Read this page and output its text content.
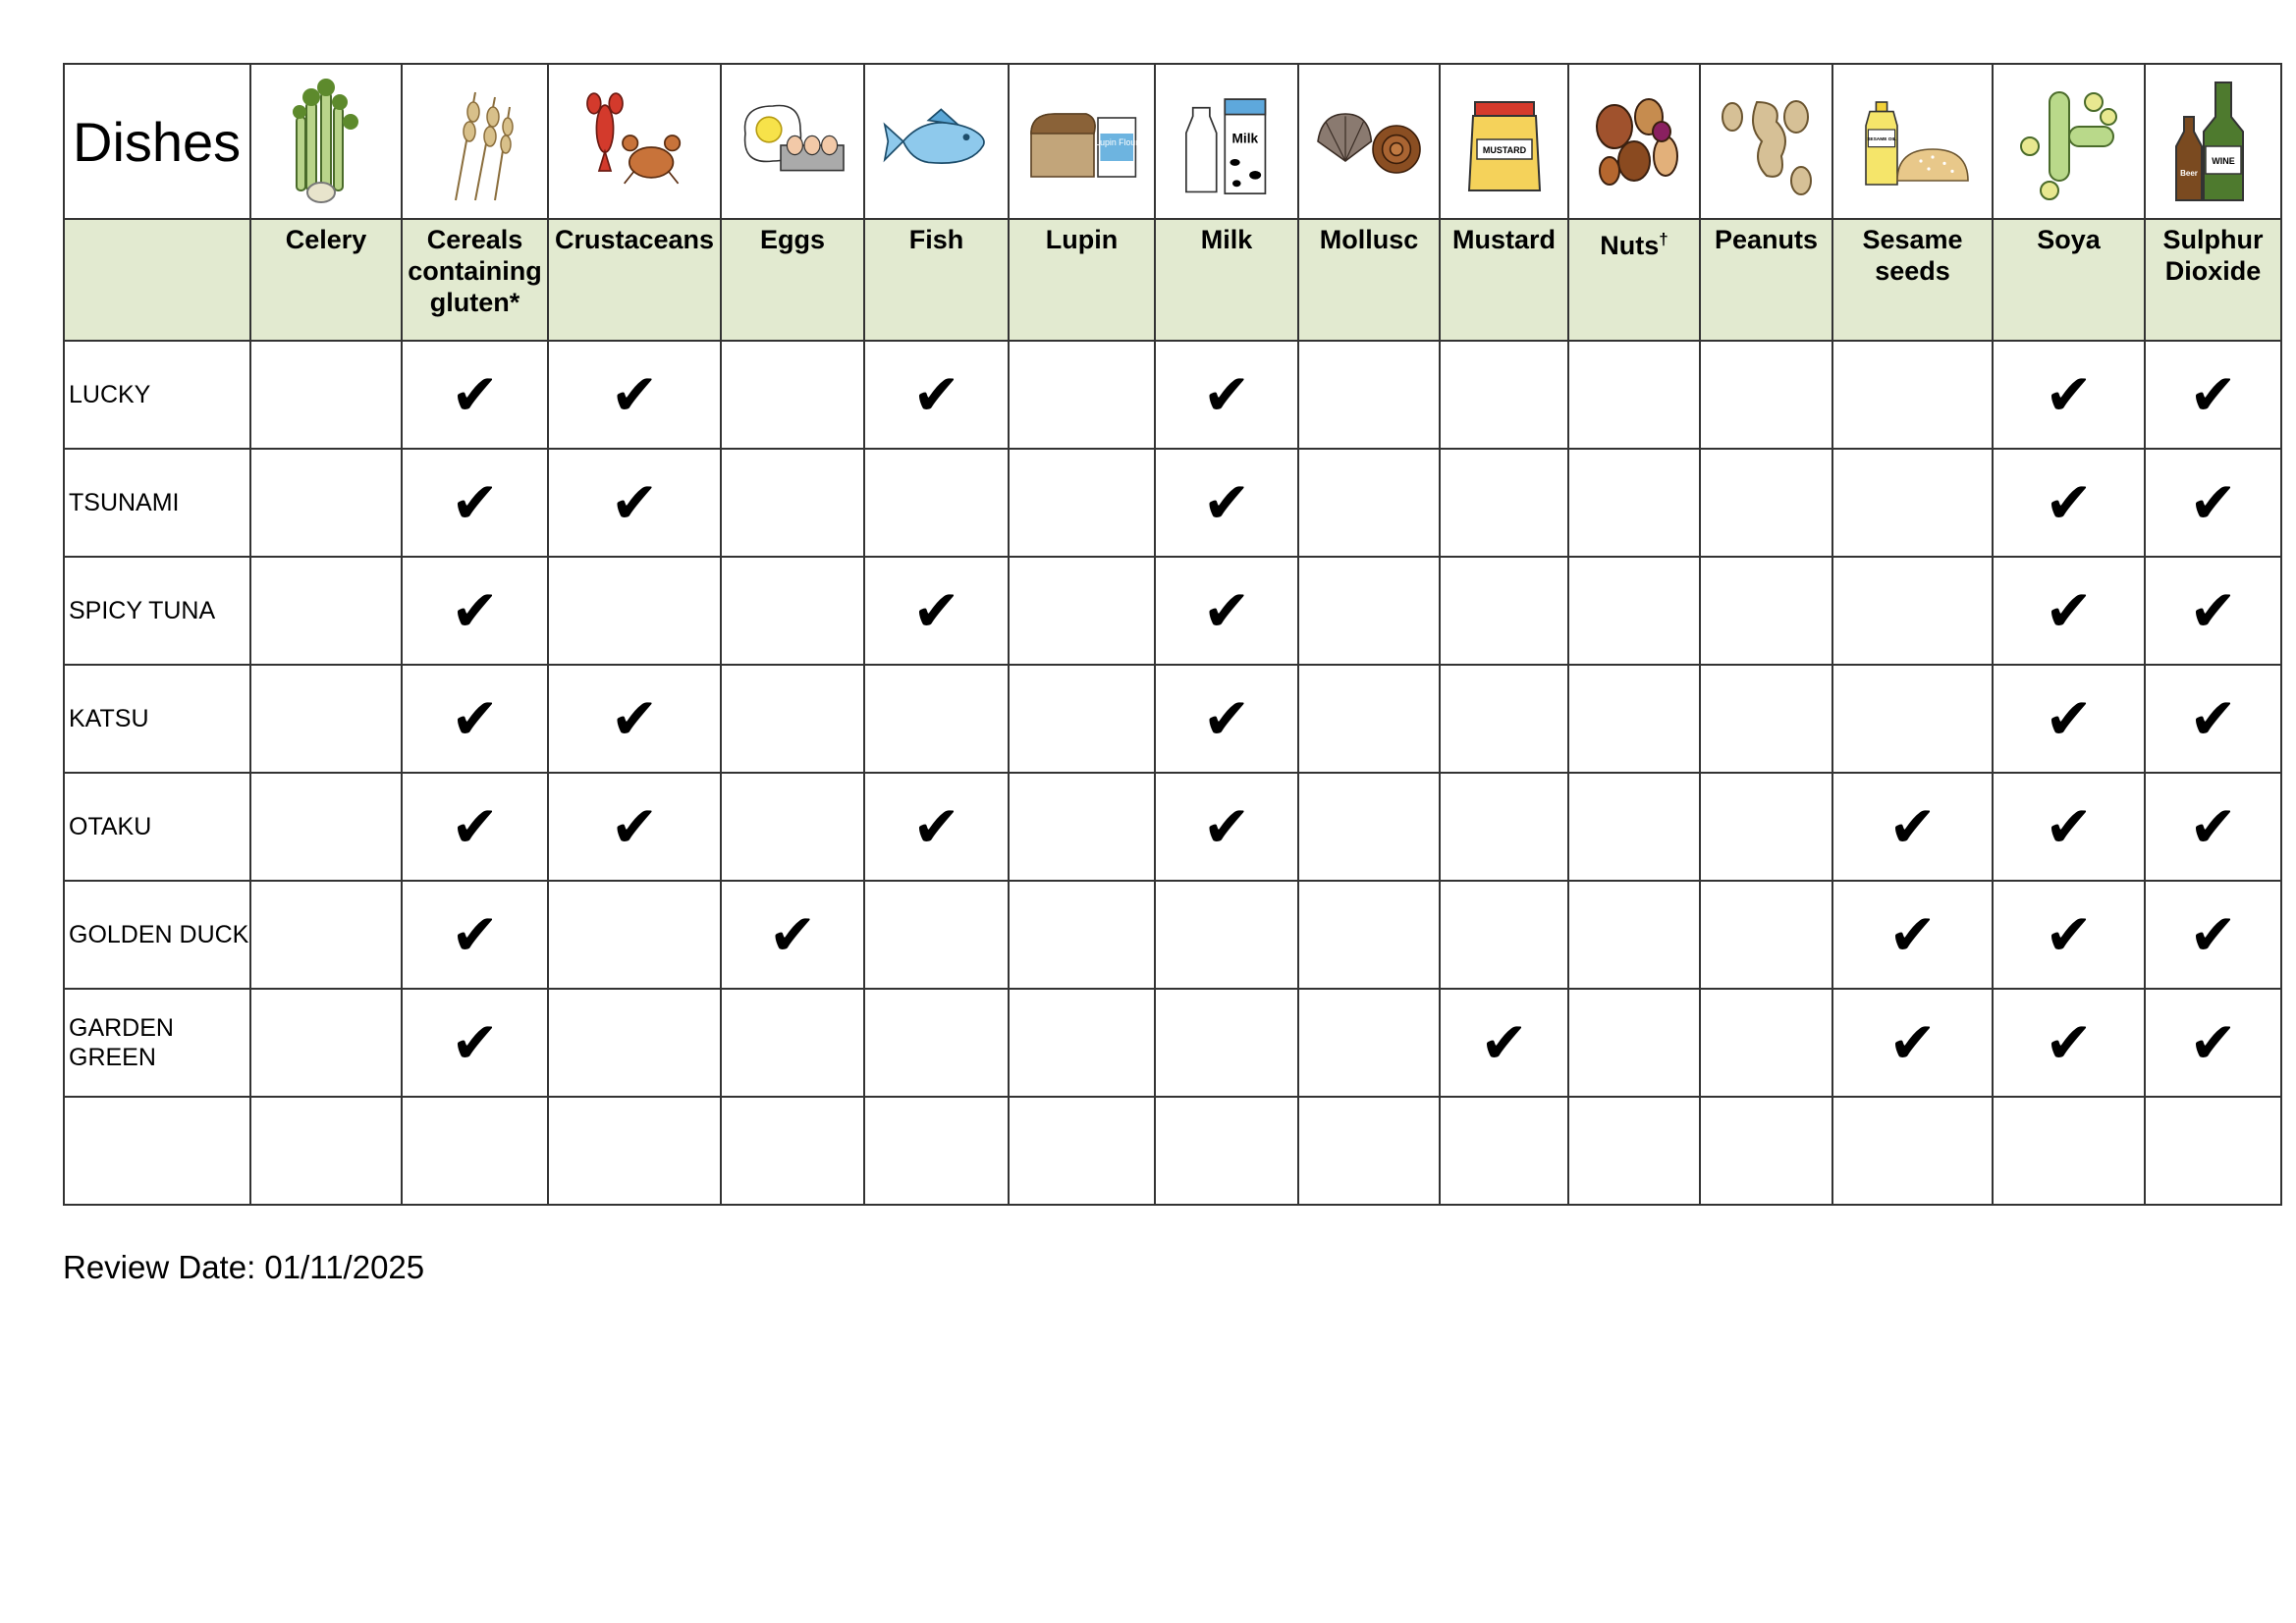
Dishes						Lupin Flour	Milk		MUSTARD			SESAME OIL		Beer
WINE

	Celery	Cereals containing gluten*	Crustaceans	Eggs	Fish	Lupin	Milk	Mollusc	Mustard	Nuts†	Peanuts	Sesame seeds	Soya	Sulphur Dioxide
LUCKY		✔	✔		✔		✔						✔	✔
TSUNAMI		✔	✔				✔						✔	✔
SPICY TUNA		✔			✔		✔						✔	✔
KATSU		✔	✔				✔						✔	✔
OTAKU		✔	✔		✔		✔					✔	✔	✔
GOLDEN DUCK		✔		✔								✔	✔	✔
GARDEN GREEN		✔							✔			✔	✔	✔

Review Date: 01/11/2025
